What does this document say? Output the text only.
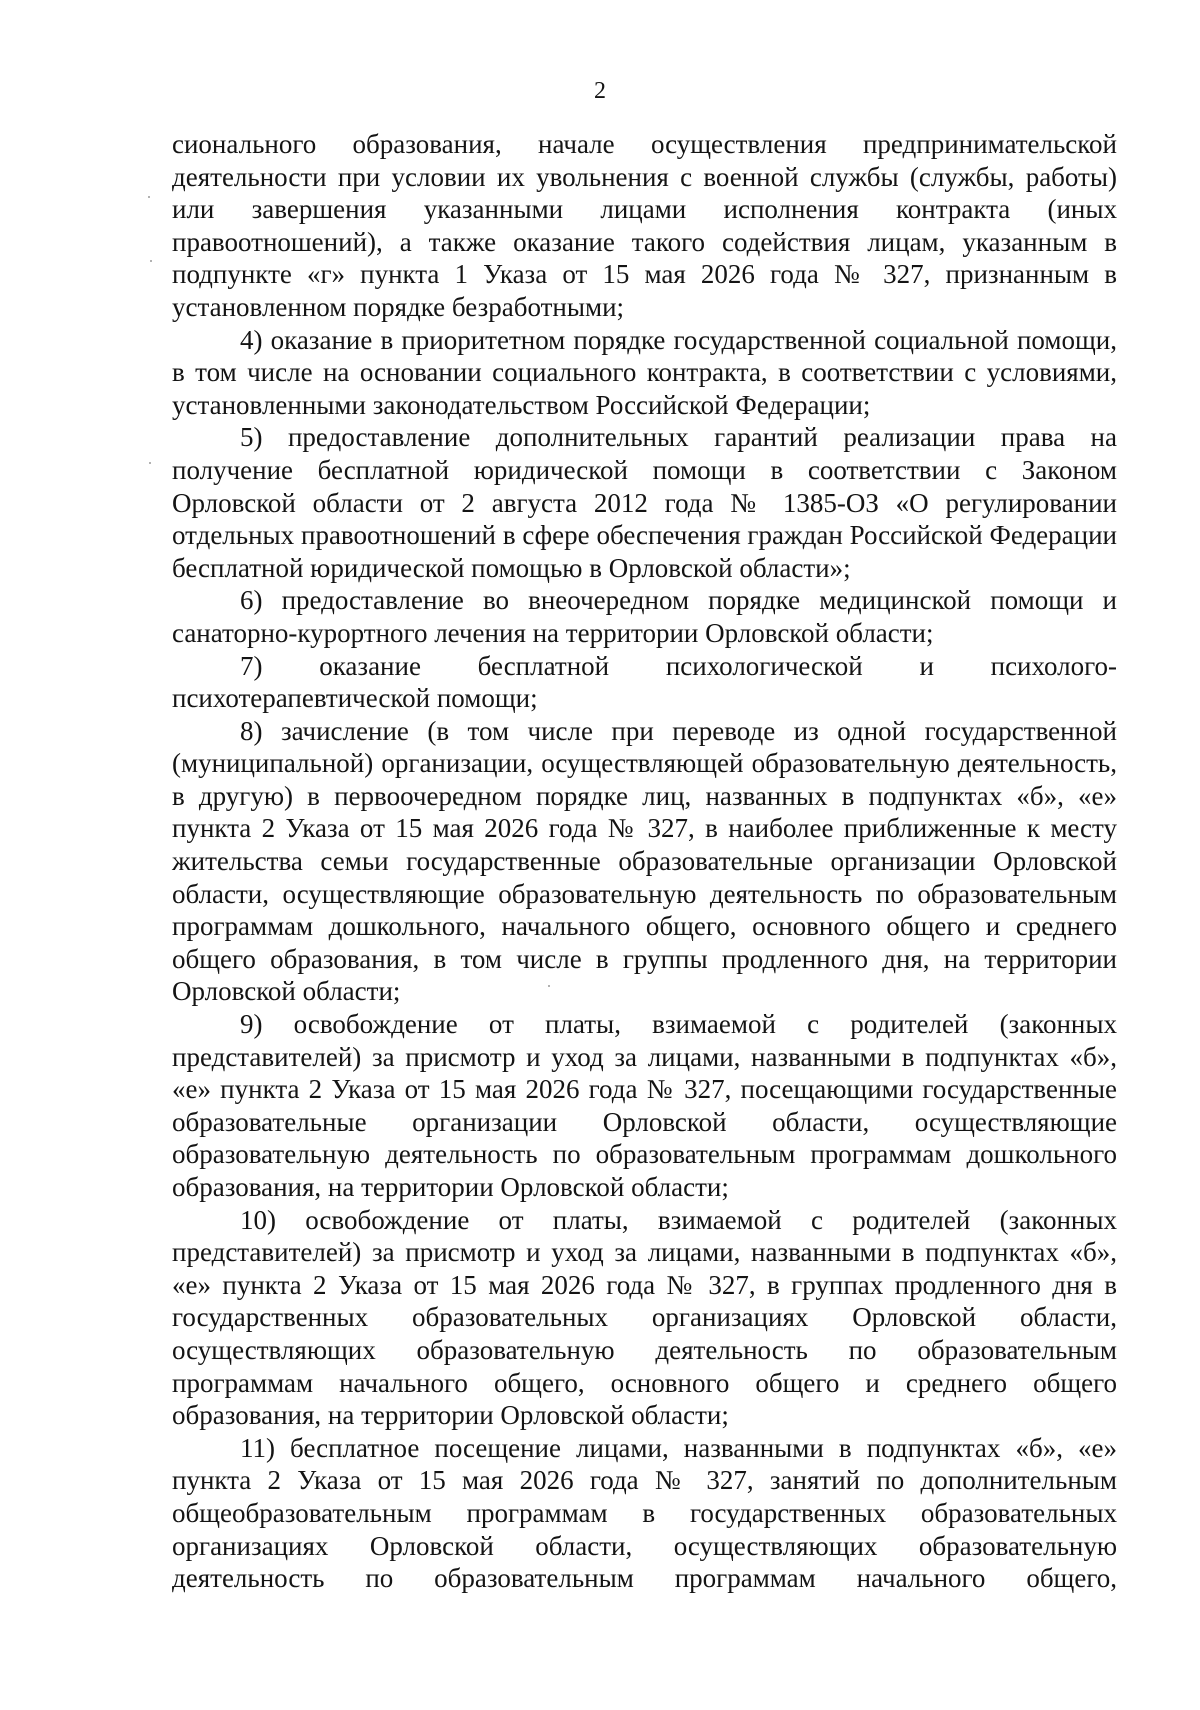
2

сионального образования, начале осуществления предпринимательской деятельности при условии их увольнения с военной службы (службы, работы) или завершения указанными лицами исполнения контракта (иных правоотношений), а также оказание такого содействия лицам, указанным в подпункте «г» пункта 1 Указа от 15 мая 2026 года № 327, признанным в установленном порядке безработными;

4) оказание в приоритетном порядке государственной социальной помощи, в том числе на основании социального контракта, в соответствии с условиями, установленными законодательством Российской Федерации;

5) предоставление дополнительных гарантий реализации права на получение бесплатной юридической помощи в соответствии с Законом Орловской области от 2 августа 2012 года № 1385-ОЗ «О регулировании отдельных правоотношений в сфере обеспечения граждан Российской Федерации бесплатной юридической помощью в Орловской области»;

6) предоставление во внеочередном порядке медицинской помощи и санаторно-курортного лечения на территории Орловской области;

7) оказание бесплатной психологической и психолого-психотерапевтической помощи;

8) зачисление (в том числе при переводе из одной государственной (муниципальной) организации, осуществляющей образовательную деятельность, в другую) в первоочередном порядке лиц, названных в подпунктах «б», «е» пункта 2 Указа от 15 мая 2026 года № 327, в наиболее приближенные к месту жительства семьи государственные образовательные организации Орловской области, осуществляющие образовательную деятельность по образовательным программам дошкольного, начального общего, основного общего и среднего общего образования, в том числе в группы продленного дня, на территории Орловской области;

9) освобождение от платы, взимаемой с родителей (законных представителей) за присмотр и уход за лицами, названными в подпунктах «б», «е» пункта 2 Указа от 15 мая 2026 года № 327, посещающими государственные образовательные организации Орловской области, осуществляющие образовательную деятельность по образовательным программам дошкольного образования, на территории Орловской области;

10) освобождение от платы, взимаемой с родителей (законных представителей) за присмотр и уход за лицами, названными в подпунктах «б», «е» пункта 2 Указа от 15 мая 2026 года № 327, в группах продленного дня в государственных образовательных организациях Орловской области, осуществляющих образовательную деятельность по образовательным программам начального общего, основного общего и среднего общего образования, на территории Орловской области;

11) бесплатное посещение лицами, названными в подпунктах «б», «е» пункта 2 Указа от 15 мая 2026 года № 327, занятий по дополнительным общеобразовательным программам в государственных образовательных организациях Орловской области, осуществляющих образовательную деятельность по образовательным программам начального общего,
